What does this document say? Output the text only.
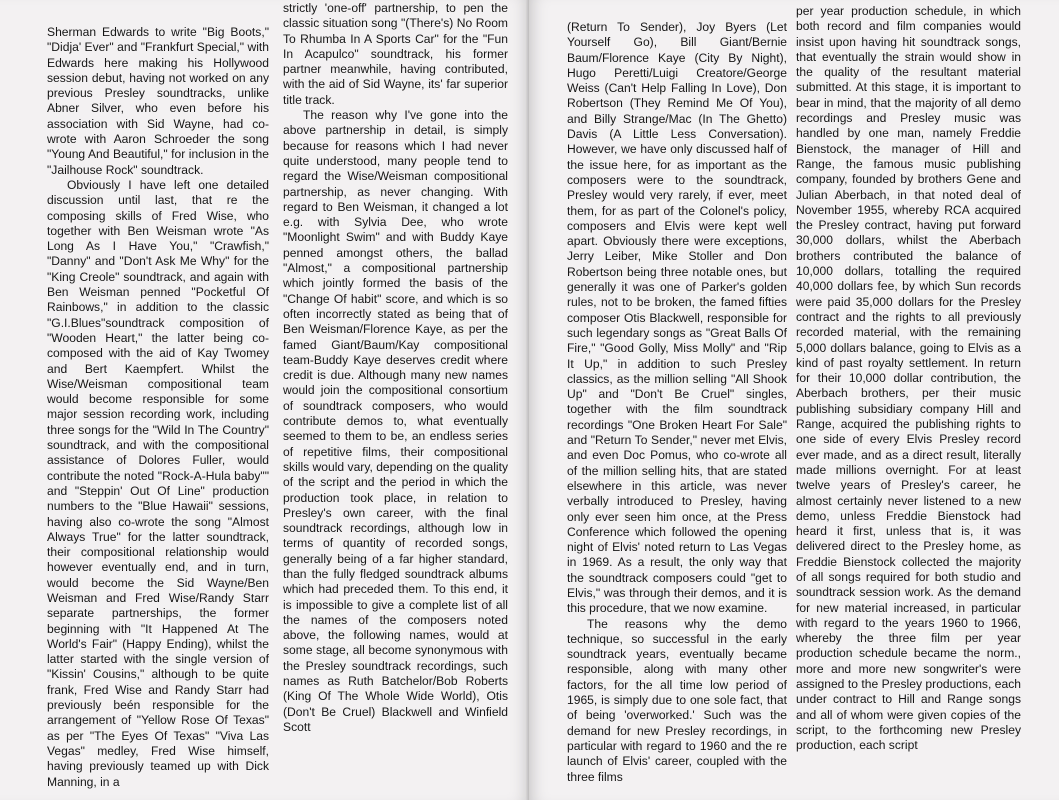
Sherman Edwards to write "Big Boots," "Didja' Ever" and "Frankfurt Special," with Edwards here making his Hollywood session debut, having not worked on any previous Presley soundtracks, unlike Abner Silver, who even before his association with Sid Wayne, had co-wrote with Aaron Schroeder the song "Young And Beautiful," for inclusion in the "Jailhouse Rock" soundtrack.

Obviously I have left one detailed discussion until last, that re the composing skills of Fred Wise, who together with Ben Weisman wrote "As Long As I Have You," "Crawfish," "Danny" and "Don't Ask Me Why" for the "King Creole" soundtrack, and again with Ben Weisman penned "Pocketful Of Rainbows," in addition to the classic "G.I.Blues"soundtrack composition of "Wooden Heart," the latter being co-composed with the aid of Kay Twomey and Bert Kaempfert. Whilst the Wise/Weisman compositional team would become responsible for some major session recording work, including three songs for the "Wild In The Country" soundtrack, and with the compositional assistance of Dolores Fuller, would contribute the noted "Rock-A-Hula baby"" and "Steppin' Out Of Line" production numbers to the "Blue Hawaii" sessions, having also co-wrote the song "Almost Always True" for the latter soundtrack, their compositional relationship would however eventually end, and in turn, would become the Sid Wayne/Ben Weisman and Fred Wise/Randy Starr separate partnerships, the former beginning with "It Happened At The World's Fair" (Happy Ending), whilst the latter started with the single version of "Kissin' Cousins," although to be quite frank, Fred Wise and Randy Starr had previously beén responsible for the arrangement of "Yellow Rose Of Texas" as per "The Eyes Of Texas" "Viva Las Vegas" medley, Fred Wise himself, having previously teamed up with Dick Manning, in a

strictly 'one-off' partnership, to pen the classic situation song "(There's) No Room To Rhumba In A Sports Car" for the "Fun In Acapulco" soundtrack, his former partner meanwhile, having contributed, with the aid of Sid Wayne, its' far superior title track.

The reason why I've gone into the above partnership in detail, is simply because for reasons which I had never quite understood, many people tend to regard the Wise/Weisman compositional partnership, as never changing. With regard to Ben Weisman, it changed a lot e.g. with Sylvia Dee, who wrote "Moonlight Swim" and with Buddy Kaye penned amongst others, the ballad "Almost," a compositional partnership which jointly formed the basis of the "Change Of habit" score, and which is so often incorrectly stated as being that of Ben Weisman/Florence Kaye, as per the famed Giant/Baum/Kay compositional team-Buddy Kaye deserves credit where credit is due. Although many new names would join the compositional consortium of soundtrack composers, who would contribute demos to, what eventually seemed to them to be, an endless series of repetitive films, their compositional skills would vary, depending on the quality of the script and the period in which the production took place, in relation to Presley's own career, with the final soundtrack recordings, although low in terms of quantity of recorded songs, generally being of a far higher standard, than the fully fledged soundtrack albums which had preceded them. To this end, it is impossible to give a complete list of all the names of the composers noted above, the following names, would at some stage, all become synonymous with the Presley soundtrack recordings, such names as Ruth Batchelor/Bob Roberts (King Of The Whole Wide World), Otis (Don't Be Cruel) Blackwell and Winfield Scott

(Return To Sender), Joy Byers (Let Yourself Go), Bill Giant/Bernie Baum/Florence Kaye (City By Night), Hugo Peretti/Luigi Creatore/George Weiss (Can't Help Falling In Love), Don Robertson (They Remind Me Of You), and Billy Strange/Mac (In The Ghetto) Davis (A Little Less Conversation). However, we have only discussed half of the issue here, for as important as the composers were to the soundtrack, Presley would very rarely, if ever, meet them, for as part of the Colonel's policy, composers and Elvis were kept well apart. Obviously there were exceptions, Jerry Leiber, Mike Stoller and Don Robertson being three notable ones, but generally it was one of Parker's golden rules, not to be broken, the famed fifties composer Otis Blackwell, responsible for such legendary songs as "Great Balls Of Fire," "Good Golly, Miss Molly" and "Rip It Up," in addition to such Presley classics, as the million selling "All Shook Up" and "Don't Be Cruel" singles, together with the film soundtrack recordings "One Broken Heart For Sale" and "Return To Sender," never met Elvis, and even Doc Pomus, who co-wrote all of the million selling hits, that are stated elsewhere in this article, was never verbally introduced to Presley, having only ever seen him once, at the Press Conference which followed the opening night of Elvis' noted return to Las Vegas in 1969. As a result, the only way that the soundtrack composers could "get to Elvis," was through their demos, and it is this procedure, that we now examine.

The reasons why the demo technique, so successful in the early soundtrack years, eventually became responsible, along with many other factors, for the all time low period of 1965, is simply due to one sole fact, that of being 'overworked.' Such was the demand for new Presley recordings, in particular with regard to 1960 and the re launch of Elvis' career, coupled with the three films

per year production schedule, in which both record and film companies would insist upon having hit soundtrack songs, that eventually the strain would show in the quality of the resultant material submitted. At this stage, it is important to bear in mind, that the majority of all demo recordings and Presley music was handled by one man, namely Freddie Bienstock, the manager of Hill and Range, the famous music publishing company, founded by brothers Gene and Julian Aberbach, in that noted deal of November 1955, whereby RCA acquired the Presley contract, having put forward 30,000 dollars, whilst the Aberbach brothers contributed the balance of 10,000 dollars, totalling the required 40,000 dollars fee, by which Sun records were paid 35,000 dollars for the Presley contract and the rights to all previously recorded material, with the remaining 5,000 dollars balance, going to Elvis as a kind of past royalty settlement. In return for their 10,000 dollar contribution, the Aberbach brothers, per their music publishing subsidiary company Hill and Range, acquired the publishing rights to one side of every Elvis Presley record ever made, and as a direct result, literally made millions overnight. For at least twelve years of Presley's career, he almost certainly never listened to a new demo, unless Freddie Bienstock had heard it first, unless that is, it was delivered direct to the Presley home, as Freddie Bienstock collected the majority of all songs required for both studio and soundtrack session work. As the demand for new material increased, in particular with regard to the years 1960 to 1966, whereby the three film per year production schedule became the norm., more and more new songwriter's were assigned to the Presley productions, each under contract to Hill and Range songs and all of whom were given copies of the script, to the forthcoming new Presley production, each script
